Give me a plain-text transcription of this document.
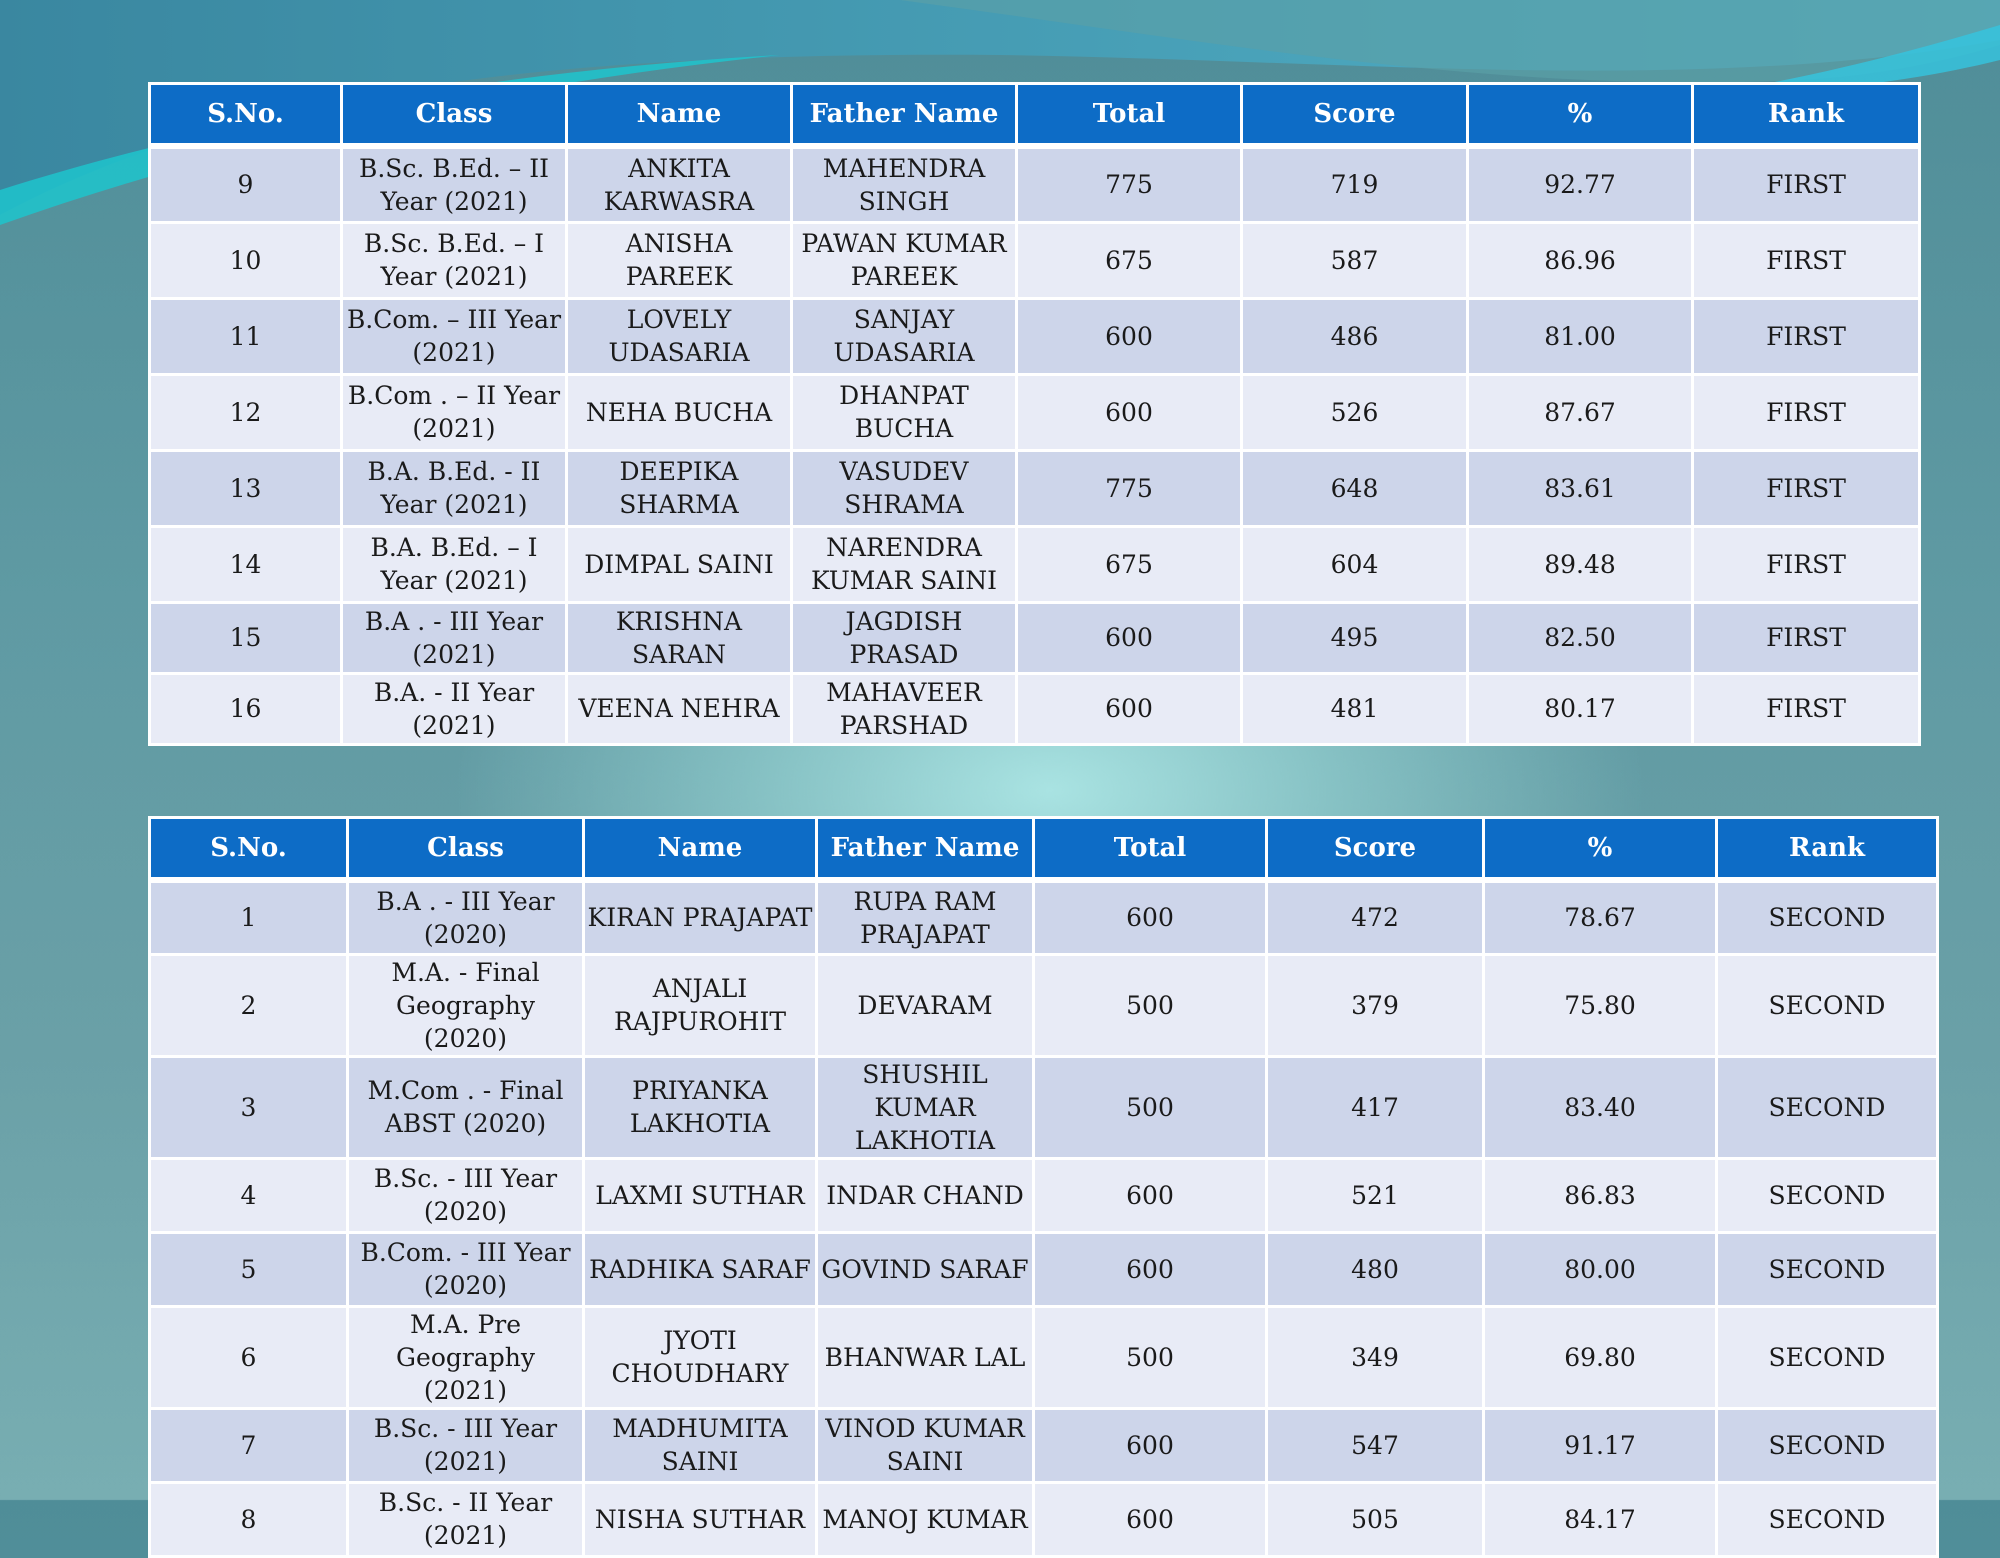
S.No.	Class	Name	Father Name	Total	Score	%	Rank
9	B.Sc. B.Ed. – II Year (2021)	ANKITA KARWASRA	MAHENDRA SINGH	775	719	92.77	FIRST
10	B.Sc. B.Ed. – I Year (2021)	ANISHA PAREEK	PAWAN KUMAR PAREEK	675	587	86.96	FIRST
11	B.Com. – III Year (2021)	LOVELY UDASARIA	SANJAY UDASARIA	600	486	81.00	FIRST
12	B.Com . – II Year (2021)	NEHA BUCHA	DHANPAT BUCHA	600	526	87.67	FIRST
13	B.A. B.Ed. - II Year (2021)	DEEPIKA SHARMA	VASUDEV SHRAMA	775	648	83.61	FIRST
14	B.A. B.Ed. – I Year (2021)	DIMPAL SAINI	NARENDRA KUMAR SAINI	675	604	89.48	FIRST
15	B.A . - III Year (2021)	KRISHNA SARAN	JAGDISH PRASAD	600	495	82.50	FIRST
16	B.A. - II Year (2021)	VEENA NEHRA	MAHAVEER PARSHAD	600	481	80.17	FIRST
S.No.	Class	Name	Father Name	Total	Score	%	Rank
1	B.A . - III Year (2020)	KIRAN PRAJAPAT	RUPA RAM PRAJAPAT	600	472	78.67	SECOND
2	M.A. - Final Geography (2020)	ANJALI RAJPUROHIT	DEVARAM	500	379	75.80	SECOND
3	M.Com . - Final ABST (2020)	PRIYANKA LAKHOTIA	SHUSHIL KUMAR LAKHOTIA	500	417	83.40	SECOND
4	B.Sc. - III Year (2020)	LAXMI SUTHAR	INDAR CHAND	600	521	86.83	SECOND
5	B.Com. - III Year (2020)	RADHIKA SARAF	GOVIND SARAF	600	480	80.00	SECOND
6	M.A. Pre Geography (2021)	JYOTI CHOUDHARY	BHANWAR LAL	500	349	69.80	SECOND
7	B.Sc. - III Year (2021)	MADHUMITA SAINI	VINOD KUMAR SAINI	600	547	91.17	SECOND
8	B.Sc. - II Year (2021)	NISHA SUTHAR	MANOJ KUMAR	600	505	84.17	SECOND
